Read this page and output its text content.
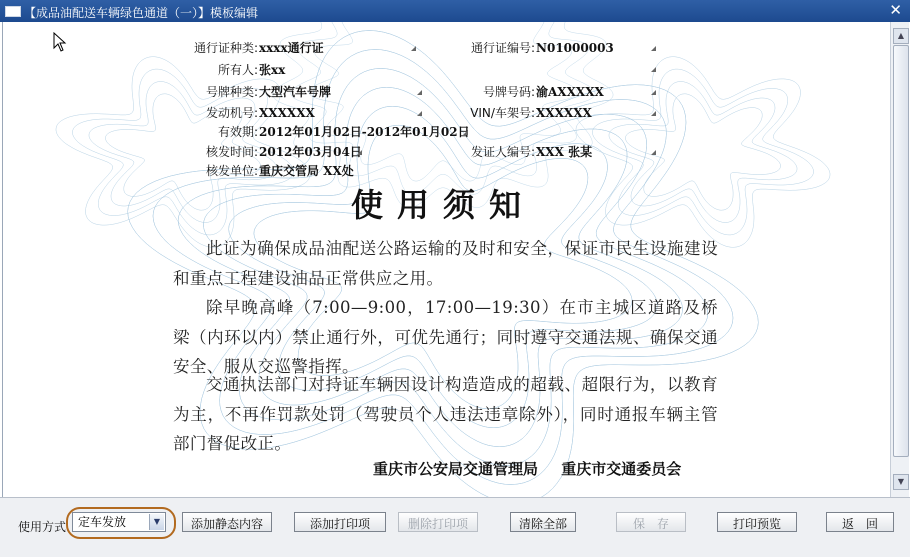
【成品油配送车辆绿色通道（一）】模板编辑	✕
通行证种类: xxxx通行证	通行证编号: N01000003
所有人: 张xx
号牌种类: 大型汽车号牌	号牌号码: 渝AXXXXX
发动机号: XXXXXX	VIN/车架号: XXXXXX
有效期: 2012年01月02日-2012年01月02日
核发时间: 2012年03月04日	发证人编号: XXX 张某
核发单位: 重庆交管局 XX处
使用须知
此证为确保成品油配送公路运输的及时和安全，保证市民生设施建设和重点工程建设油品正常供应之用。
除早晚高峰（7:00—9:00，17:00—19:30）在市主城区道路及桥梁（内环以内）禁止通行外，可优先通行；同时遵守交通法规、确保交通安全、服从交巡警指挥。
交通执法部门对持证车辆因设计构造造成的超载、超限行为，以教育为主，不再作罚款处罚（驾驶员个人违法违章除外），同时通报车辆主管部门督促改正。
重庆市公安局交通管理局 重庆市交通委员会
▲
▼
使用方式 定车发放	▼	添加静态内容	添加打印项	删除打印项	清除全部	保　存	打印预览	返　回
